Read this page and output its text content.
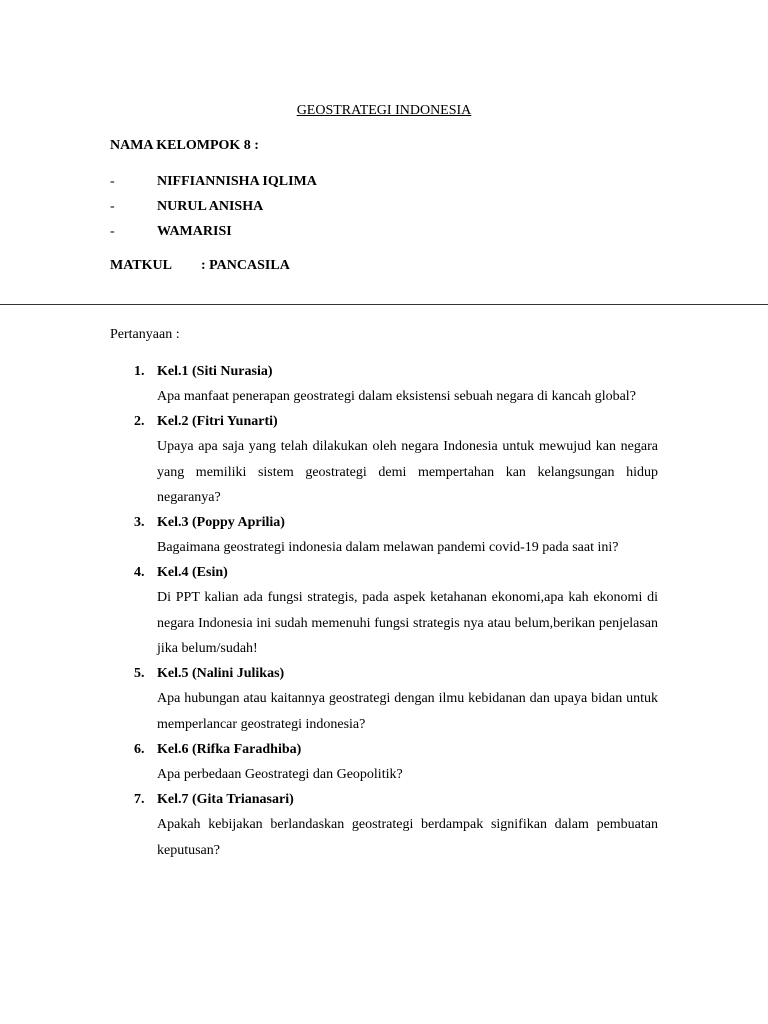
GEOSTRATEGI INDONESIA
NAMA KELOMPOK 8 :
-	NIFFIANNISHA IQLIMA
-	NURUL ANISHA
-	WAMARISI
MATKUL : PANCASILA
Pertanyaan :
1. Kel.1 (Siti Nurasia)

Apa manfaat penerapan geostrategi dalam eksistensi sebuah negara di kancah global?

2. Kel.2 (Fitri Yunarti)

Upaya apa saja yang telah dilakukan oleh negara Indonesia untuk mewujud kan negara yang memiliki sistem geostrategi demi mempertahan kan kelangsungan hidup negaranya?

3. Kel.3 (Poppy Aprilia)

Bagaimana geostrategi indonesia dalam melawan pandemi covid-19 pada saat ini?

4. Kel.4 (Esin)

Di PPT kalian ada fungsi strategis, pada aspek ketahanan ekonomi,apa kah ekonomi di negara Indonesia ini sudah memenuhi fungsi strategis nya atau belum,berikan penjelasan jika belum/sudah!

5. Kel.5 (Nalini Julikas)

Apa hubungan atau kaitannya geostrategi dengan ilmu kebidanan dan upaya bidan untuk memperlancar geostrategi indonesia?

6. Kel.6 (Rifka Faradhiba)

Apa perbedaan Geostrategi dan Geopolitik?

7. Kel.7 (Gita Trianasari)

Apakah kebijakan berlandaskan geostrategi berdampak signifikan dalam pembuatan keputusan?
